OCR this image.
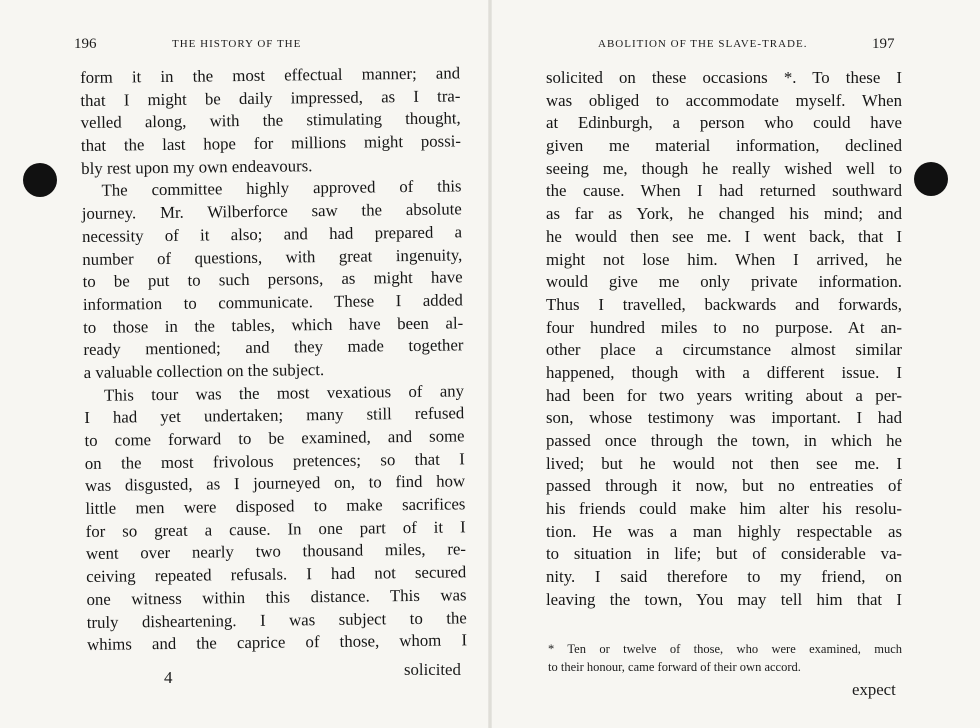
196	THE HISTORY OF THE	ABOLITION OF THE SLAVE-TRADE.	197
form it in the most effectual manner; and
that I might be daily impressed, as I tra-
velled along, with the stimulating thought,
that the last hope for millions might possi-
bly rest upon my own endeavours.
The committee highly approved of this
journey. Mr. Wilberforce saw the absolute
necessity of it also; and had prepared a
number of questions, with great ingenuity,
to be put to such persons, as might have
information to communicate. These I added
to those in the tables, which have been al-
ready mentioned; and they made together
a valuable collection on the subject.
This tour was the most vexatious of any
I had yet undertaken; many still refused
to come forward to be examined, and some
on the most frivolous pretences; so that I
was disgusted, as I journeyed on, to find how
little men were disposed to make sacrifices
for so great a cause. In one part of it I
went over nearly two thousand miles, re-
ceiving repeated refusals. I had not secured
one witness within this distance. This was
truly disheartening. I was subject to the
whims and the caprice of those, whom I
4	solicited
solicited on these occasions *. To these I
was obliged to accommodate myself. When
at Edinburgh, a person who could have
given me material information, declined
seeing me, though he really wished well to
the cause. When I had returned southward
as far as York, he changed his mind; and
he would then see me. I went back, that I
might not lose him. When I arrived, he
would give me only private information.
Thus I travelled, backwards and forwards,
four hundred miles to no purpose. At an-
other place a circumstance almost similar
happened, though with a different issue. I
had been for two years writing about a per-
son, whose testimony was important. I had
passed once through the town, in which he
lived; but he would not then see me. I
passed through it now, but no entreaties of
his friends could make him alter his resolu-
tion. He was a man highly respectable as
to situation in life; but of considerable va-
nity. I said therefore to my friend, on
leaving the town, You may tell him that I
* Ten or twelve of those, who were examined, much
to their honour, came forward of their own accord.
expect
